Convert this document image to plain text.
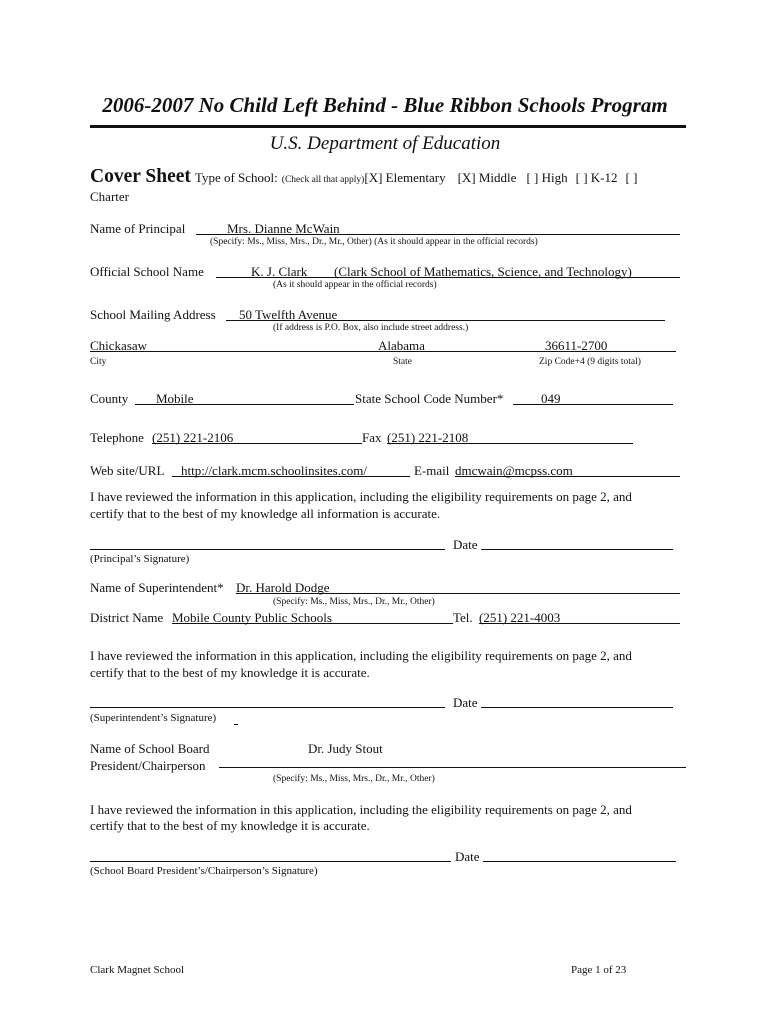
2006-2007 No Child Left Behind - Blue Ribbon Schools Program
U.S. Department of Education
Cover Sheet Type of School: (Check all that apply)[X] Elementary [X] Middle [ ] High [ ] K-12 [ ]
Charter
Name of Principal	Mrs. Dianne McWain
(Specify: Ms., Miss, Mrs., Dr., Mr., Other) (As it should appear in the official records)
Official School Name	K. J. Clark (Clark School of Mathematics, Science, and Technology)
(As it should appear in the official records)
School Mailing Address 50 Twelfth Avenue
(If address is P.O. Box, also include street address.)
Chickasaw	Alabama	36611-2700
City	State	Zip Code+4 (9 digits total)
County Mobile	State School Code Number*	049
Telephone (251) 221-2106	Fax (251) 221-2108
Web site/URL http://clark.mcm.schoolinsites.com/	E-mail dmcwain@mcpss.com
I have reviewed the information in this application, including the eligibility requirements on page 2, and
certify that to the best of my knowledge all information is accurate.
Date
(Principal’s Signature)
Name of Superintendent* Dr. Harold Dodge
(Specify: Ms., Miss, Mrs., Dr., Mr., Other)
District Name Mobile County Public Schools	Tel. (251) 221-4003
I have reviewed the information in this application, including the eligibility requirements on page 2, and
certify that to the best of my knowledge it is accurate.
Date
(Superintendent’s Signature)
Name of School Board
President/Chairperson
Dr. Judy Stout
(Specify: Ms., Miss, Mrs., Dr., Mr., Other)
I have reviewed the information in this application, including the eligibility requirements on page 2, and
certify that to the best of my knowledge it is accurate.
Date
(School Board President’s/Chairperson’s Signature)
Clark Magnet School	Page 1 of 23
